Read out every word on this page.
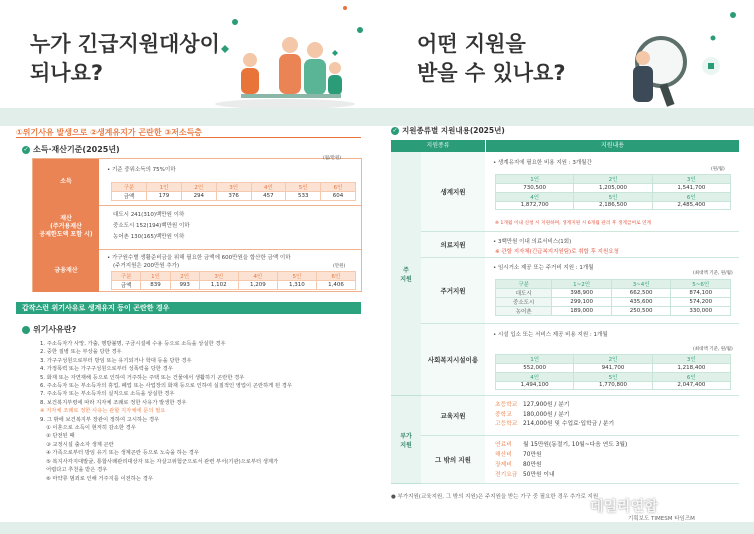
누가 긴급지원대상이
되나요?
①위기사유 발생으로 ②생계유지가 곤란한 ③저소득층
✓ 소득·재산기준(2025년)
소득
재산
(주거용재산
공제한도액 포함 시)
금융재산
• 기준 중위소득의 75%이하
(월/만원)
구분	1인	2인	3인	4인	5인	6인
금액	179	294	376	457	533	604
대도시 241(310)백만원 이하
중소도시 152(194)백만원 이하
농어촌 130(165)백만원 이하
• 가구원수별 생활준비금을 위해 필요한 금액에 600만원을 합산한 금액 이하
(주거지원은 200만원 추가)	(만원)
구분	1인	2인	3인	4인	5인	6인
금액	839	993	1,102	1,209	1,310	1,406
갑작스런 위기사유로 생계유지 등이 곤란한 경우
위기사유란?
1. 주소득자가 사망, 가출, 행방불명, 구금시설에 수용 등으로 소득을 상실한 경우
2. 중한 질병 또는 부상을 당한 경우
3. 가구구성원으로부터 방임 또는 유기되거나 학대 등을 당한 경우
4. 가정폭력 또는 가구구성원으로부터 성폭력을 당한 경우
5. 화재 또는 자연재해 등으로 인하여 거주하는 주택 또는 건물에서 생활하기 곤란한 경우
6. 주소득자 또는 부소득자의 휴업, 폐업 또는 사업장의 화재 등으로 인하여 실질적인 영업이 곤란하게 된 경우
7. 주소득자 또는 부소득자의 실직으로 소득을 상실한 경우
8. 보건복지부령에 따라 지자체 조례로 정한 사유가 발생한 경우
※ 지자체 조례로 정한 사유는 관할 지자체에 문의 필요
9. 그 밖에 보건복지부 장관이 정하여 고시하는 경우
① 이혼으로 소득이 현저히 감소한 경우
② 단전된 때
③ 교정시설 출소자 생계 곤란
④ 가족으로부터 방임 유기 또는 생계곤란 등으로 노숙을 하는 경우
⑤ 복지사각지대발굴, 통합사례관리대상자 또는 자살고위험군으로서 관련 부서(기관)으로부터 생계가
어렵다고 추천을 받은 경우
⑥ 마약류 범죄로 인해 거주지를 이전하는 경우
어떤 지원을
받을 수 있나요?
✓ 지원종류별 지원내용(2025년)
지원종류	지원내용
주
지원
부가
지원
생계지원
• 생계유지에 필요한 비용 지원 : 3개월간
(원/월)
1인	2인	3인
730,500	1,205,000	1,541,700
4인	5인	6인
1,872,700	2,186,500	2,485,400
※ 1개월 이내 신청 시 지원하며, 생계지원 시 6개월 관리 후 생계급여로 연계
의료지원	• 3백만원 이내 의료서비스(1회)
※ 관할 지자체(긴급복지지원팀)로 취합 후 지원요청
주거지원
• 임시거소 제공 또는 주거비 지원 : 1개월
(최대액 기준, 원/월)
구분	1~2인	3~4인	5~6인
대도시	398,900	662,500	874,100
중소도시	299,100	435,600	574,200
농어촌	189,000	250,500	330,000
사회복지시설이용
• 시설 입소 또는 서비스 제공 비용 지원 : 1개월
(최대액 기준, 원/월)
1인	2인	3인
552,000	941,700	1,218,400
4인	5인	6인
1,494,100	1,770,800	2,047,400
교육지원
초등학교 127,900원 / 분기
중학교 180,000원 / 분기
고등학교 214,000원 및 수업료·입학금 / 분기
그 밖의 지원
연료비 월 15만원(동절기, 10월~다음 연도 3월)
해산비 70만원
장제비 80만원
전기요금 50만원 이내
● 부가지원(교육지원, 그 밖의 지원)은 주지원을 받는 가구 중 필요한 경우 추가로 지원
데일리연합
기획보도 TIMESM 타임즈M
